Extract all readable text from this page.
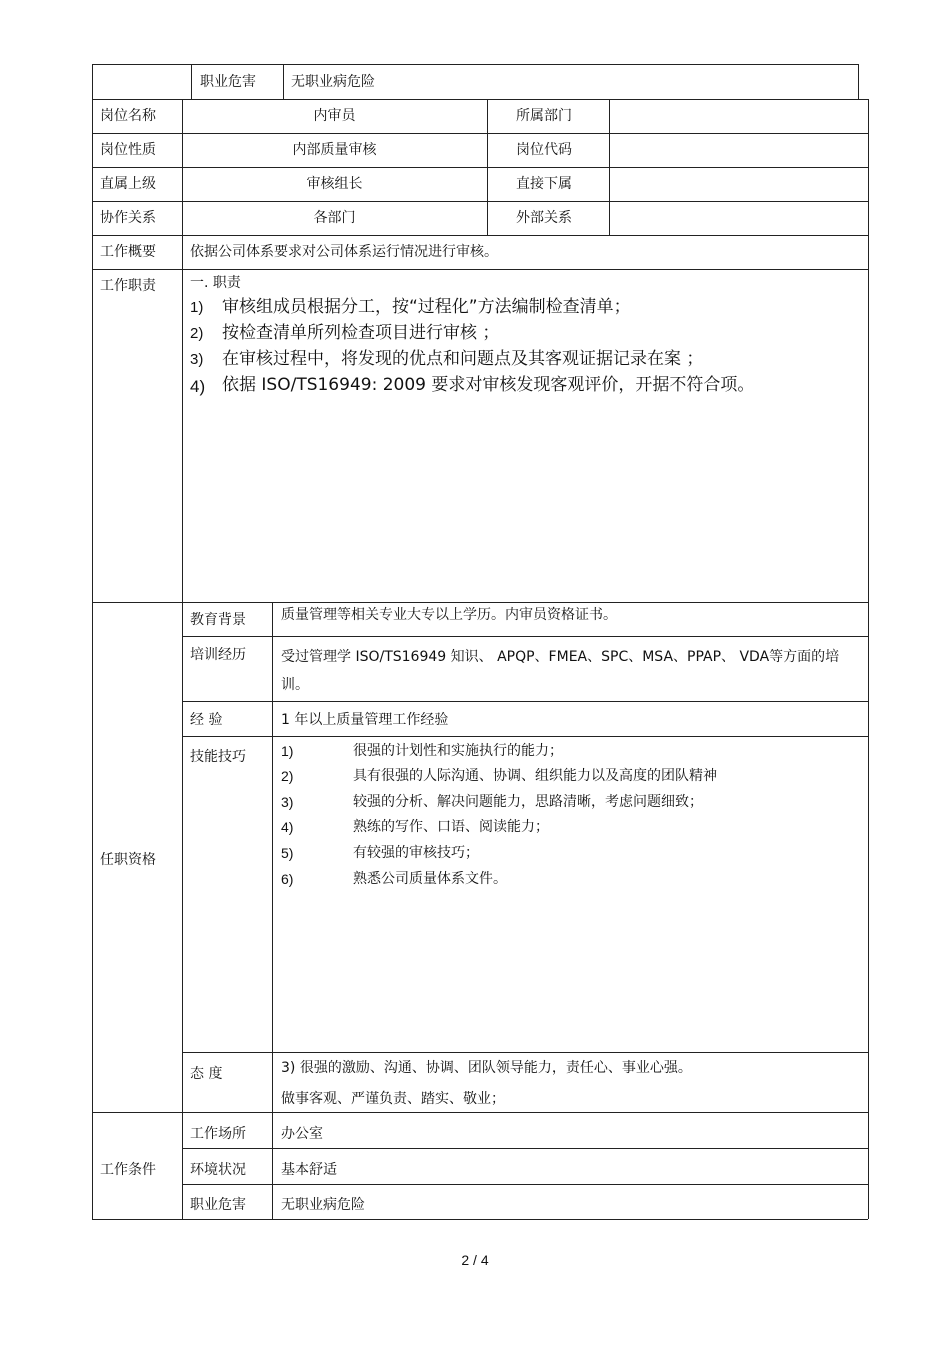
职业危害	无职业病危险
岗位名称	内审员	所属部门
岗位性质	内部质量审核	岗位代码
直属上级	审核组长	直接下属
协作关系	各部门	外部关系
工作概要 依据公司体系要求对公司体系运行情况进行审核。
工作职责 一. 职责
1) 审核组成员根据分工，按“过程化”方法编制检查清单；
2) 按检查清单所列检查项目进行审核 ；
3) 在审核过程中，将发现的优点和问题点及其客观证据记录在案 ；
4) 依据 ISO/TS16949: 2009 要求对审核发现客观评价，开据不符合项。
任职资格
教育背景	质量管理等相关专业大专以上学历。内审员资格证书。
培训经历	受过管理学 ISO/TS16949 知识、 APQP、FMEA、SPC、MSA、PPAP、 VDA等方面的培
训。
经 验	1 年以上质量管理工作经验
技能技巧	1)	很强的计划性和实施执行的能力；
2)	具有很强的人际沟通、协调、组织能力以及高度的团队精神
3)	较强的分析、解决问题能力，思路清晰，考虑问题细致；
4)	熟练的写作、口语、阅读能力；
5)	有较强的审核技巧；
6)	熟悉公司质量体系文件。
态 度	3) 很强的激励、沟通、协调、团队领导能力，责任心、事业心强。
做事客观、严谨负责、踏实、敬业；
工作条件
工作场所	办公室
环境状况	基本舒适
职业危害	无职业病危险
2 / 4
